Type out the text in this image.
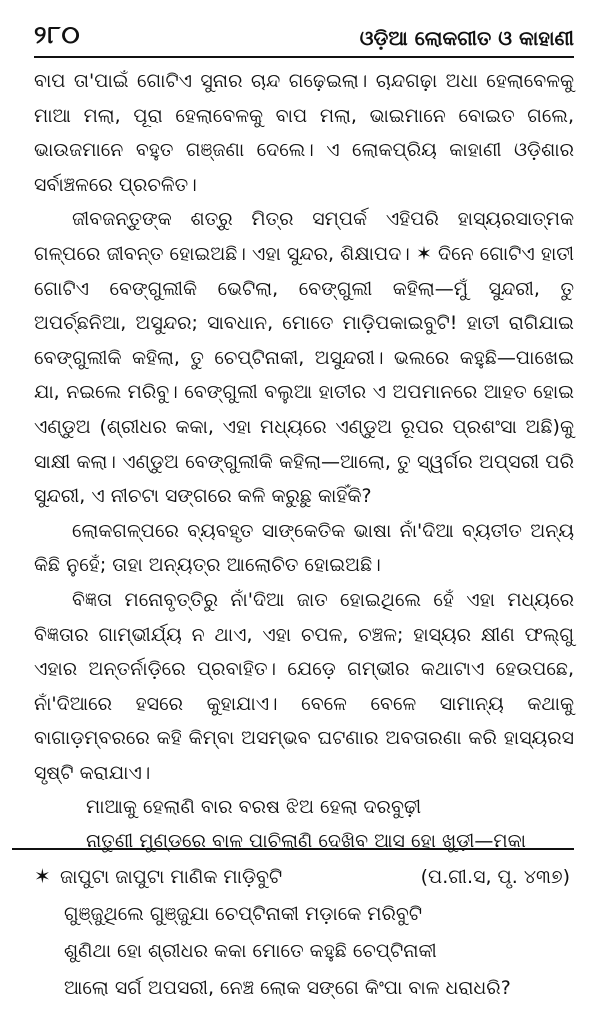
୨୮୦	ଓଡ଼ିଆ ଲୋକଗୀତ ଓ କାହାଣୀ

ବାପ ତା'ପାଇଁ ଗୋଟିଏ ସୁନାର ଚାନ୍ଦ ଗଢ଼େଇଲା। ଚାନ୍ଦଗଢ଼ା ଅଧା ହେଲାବେଳକୁ ମାଆ ମଲା, ପୂରା ହେଲାବେଳକୁ ବାପ ମଲା, ଭାଇମାନେ ବୋଇତ ଗଲେ, ଭାଉଜମାନେ ବହୁତ ଗଞ୍ଜଣା ଦେଲେ। ଏ ଲୋକପ୍ରିୟ କାହାଣୀ ଓଡ଼ିଶାର ସର୍ବାଞ୍ଚଳରେ ପ୍ରଚଳିତ।

ଜୀବଜନ୍ତୁଙ୍କ ଶତ୍ରୁ ମିତ୍ର ସମ୍ପର୍କ ଏହିପରି ହାସ୍ୟରସାତ୍ମକ ଗଳ୍ପରେ ଜୀବନ୍ତ ହୋଇଅଛି। ଏହା ସୁନ୍ଦର, ଶିକ୍ଷାପଦ। ✶ ଦିନେ ଗୋଟିଏ ହାତୀ ଗୋଟିଏ ବେଙ୍ଗୁଲୀକି ଭେଟିଲା, ବେଙ୍ଗୁଲୀ କହିଲା—ମୁଁ ସୁନ୍ଦରୀ, ତୁ ଅପର୍ଚ୍ଛନିଆ, ଅସୁନ୍ଦର; ସାବଧାନ, ମୋତେ ମାଡ଼ିପକାଇବୁଟି! ହାତୀ ରାଗିଯାଇ ବେଙ୍ଗୁଲୀକି କହିଲା, ତୁ ଚେପ୍‌ଟିନାକୀ, ଅସୁନ୍ଦରୀ। ଭଲରେ କହୁଛି—ପାଖେଇ ଯା, ନଇଲେ ମରିବୁ। ବେଙ୍ଗୁଲୀ ବଲୁଆ ହାତୀର ଏ ଅପମାନରେ ଆହତ ହୋଇ ଏଣ୍ଡୁଅ (ଶ୍ରୀଧର କକା, ଏହା ମଧ୍ୟରେ ଏଣ୍ଡୁଅ ରୂପର ପ୍ରଶଂସା ଅଛି)କୁ ସାକ୍ଷୀ କଲା। ଏଣ୍ଡୁଅ ବେଙ୍ଗୁଲୀକି କହିଲା—ଆଲୋ, ତୁ ସ୍ୱର୍ଗର ଅପ୍ସରୀ ପରି ସୁନ୍ଦରୀ, ଏ ନୀଚଟା ସଙ୍ଗରେ କଳି କରୁଛୁ କାହିଁକି?

ଲୋକଗଳ୍ପରେ ବ୍ୟବହୃତ ସାଙ୍କେତିକ ଭାଷା ନାଁ'ଦିଆ ବ୍ୟତୀତ ଅନ୍ୟ କିଛି ନୁହେଁ; ତାହା ଅନ୍ୟତ୍ର ଆଲୋଚିତ ହୋଇଅଛି।

ବିଜ୍ଞତା ମନୋବୃତ୍ତିରୁ ନାଁ'ଦିଆ ଜାତ ହୋଇଥିଲେ ହେଁ ଏହା ମଧ୍ୟରେ ବିଜ୍ଞତାର ଗାମ୍ଭୀର୍ଯ୍ୟ ନ ଥାଏ, ଏହା ଚପଳ, ଚଞ୍ଚଳ; ହାସ୍ୟର କ୍ଷୀଣ ଫଲ୍‌ଗୁ ଏହାର ଅନ୍ତର୍ନାଡ଼ିରେ ପ୍ରବାହିତ। ଯେଡ଼େ ଗମ୍ଭୀର କଥାଟାଏ ହେଉପଛେ, ନାଁ'ଦିଆରେ ହସରେ କୁହାଯାଏ। ବେଳେ ବେଳେ ସାମାନ୍ୟ କଥାକୁ ବାଗାଡ଼ମ୍ବରରେ କହି କିମ୍ବା ଅସମ୍ଭବ ଘଟଣାର ଅବତାରଣା କରି ହାସ୍ୟରସ ସୃଷ୍ଟି କରାଯାଏ।

ମାଆକୁ ହେଲାଣି ବାର ବରଷ ଝିଅ ହେଲା ଦରବୁଢ଼ୀ
ନାତୁଣୀ ମୁଣ୍ଡରେ ବାଳ ପାଚିଲାଣି ଦେଖିବ ଆସ ହୋ ଖୁଡ଼ୀ—ମକା
(ପ.ଗୀ.ସ, ପୃ. ୪୩୭)
✶ ଜାପୁଟା ଜାପୁଟା ମାଣିକ ମାଡ଼ିବୁଟି
ଗୁଞ୍ଜୁଥିଲେ ଗୁଞ୍ଜୁଯା ଚେପ୍‌ଟିନାକୀ ମଡ଼ାକେ ମରିବୁଟି
ଶୁଣିଥା ହୋ ଶ୍ରୀଧର କକା ମୋତେ କହୁଛି ଚେପ୍‌ଟିନାକୀ
ଆଲୋ ସର୍ଗ ଅପସରୀ, ନେଞ୍ଚ ଲୋକ ସଙ୍ଗେ କିଂପା ବାଳ ଧରାଧରି?
